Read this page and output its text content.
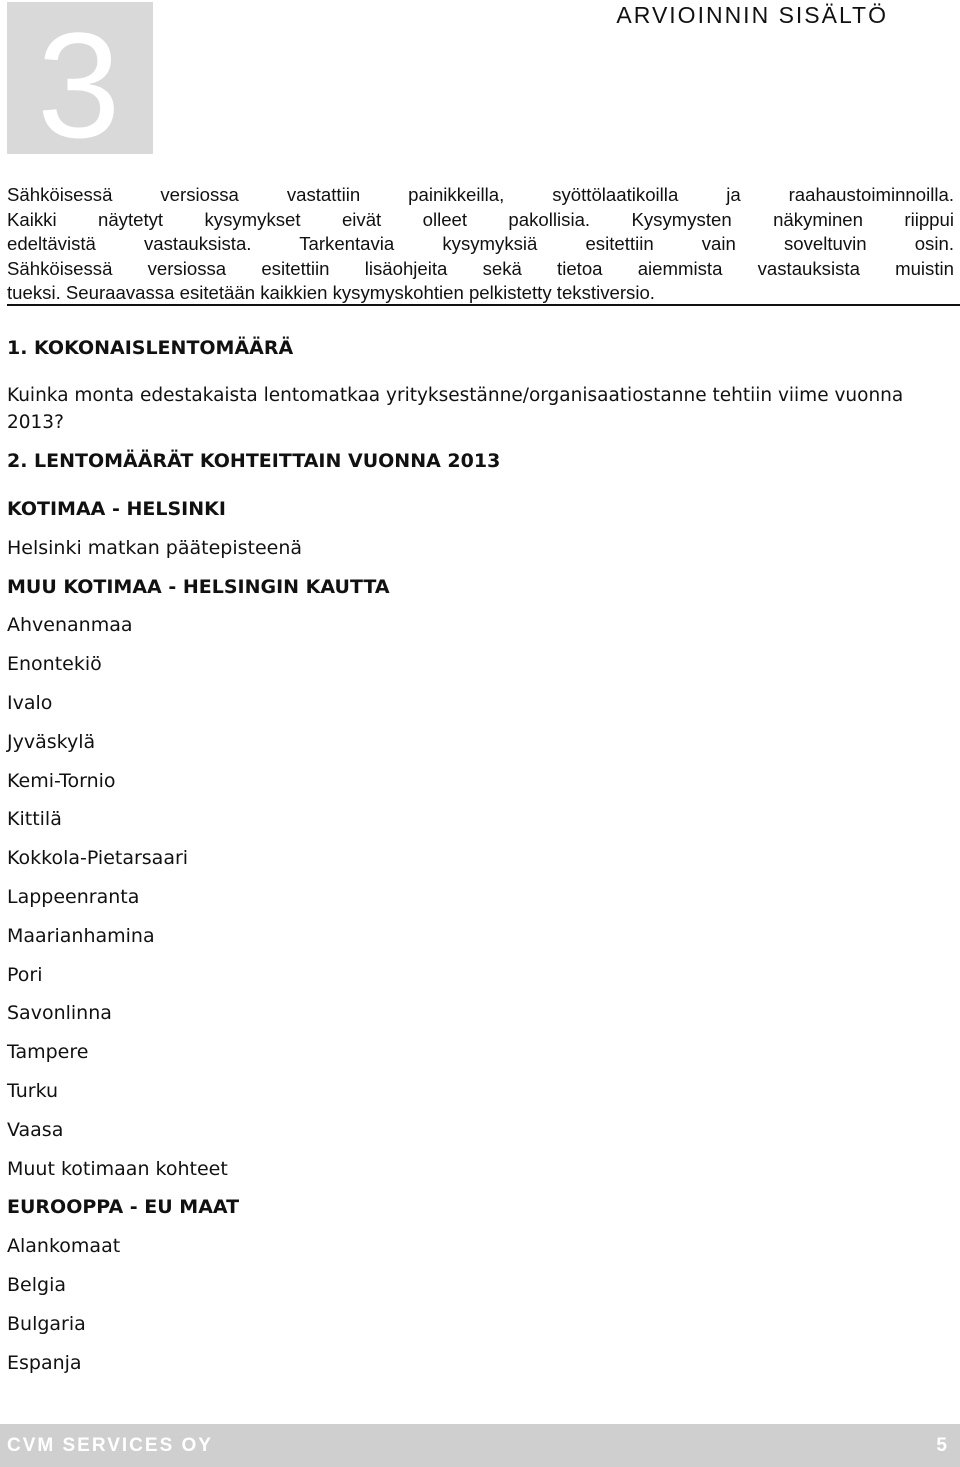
3	ARVIOINNIN SISÄLTÖ
Sähköisessä versiossa vastattiin painikkeilla, syöttölaatikoilla ja raahaustoiminnoilla.
Kaikki näytetyt kysymykset eivät olleet pakollisia. Kysymysten näkyminen riippui
edeltävistä vastauksista. Tarkentavia kysymyksiä esitettiin vain soveltuvin osin.
Sähköisessä versiossa esitettiin lisäohjeita sekä tietoa aiemmista vastauksista muistin
tueksi. Seuraavassa esitetään kaikkien kysymyskohtien pelkistetty tekstiversio.
1. KOKONAISLENTOMÄÄRÄ
Kuinka monta edestakaista lentomatkaa yrityksestänne/organisaatiostanne tehtiin viime vuonna 2013?
2. LENTOMÄÄRÄT KOHTEITTAIN VUONNA 2013
KOTIMAA - HELSINKI
Helsinki matkan päätepisteenä
MUU KOTIMAA - HELSINGIN KAUTTA
Ahvenanmaa
Enontekiö
Ivalo
Jyväskylä
Kemi-Tornio
Kittilä
Kokkola-Pietarsaari
Lappeenranta
Maarianhamina
Pori
Savonlinna
Tampere
Turku
Vaasa
Muut kotimaan kohteet
EUROOPPA - EU MAAT
Alankomaat
Belgia
Bulgaria
Espanja
CVM SERVICES OY	5
